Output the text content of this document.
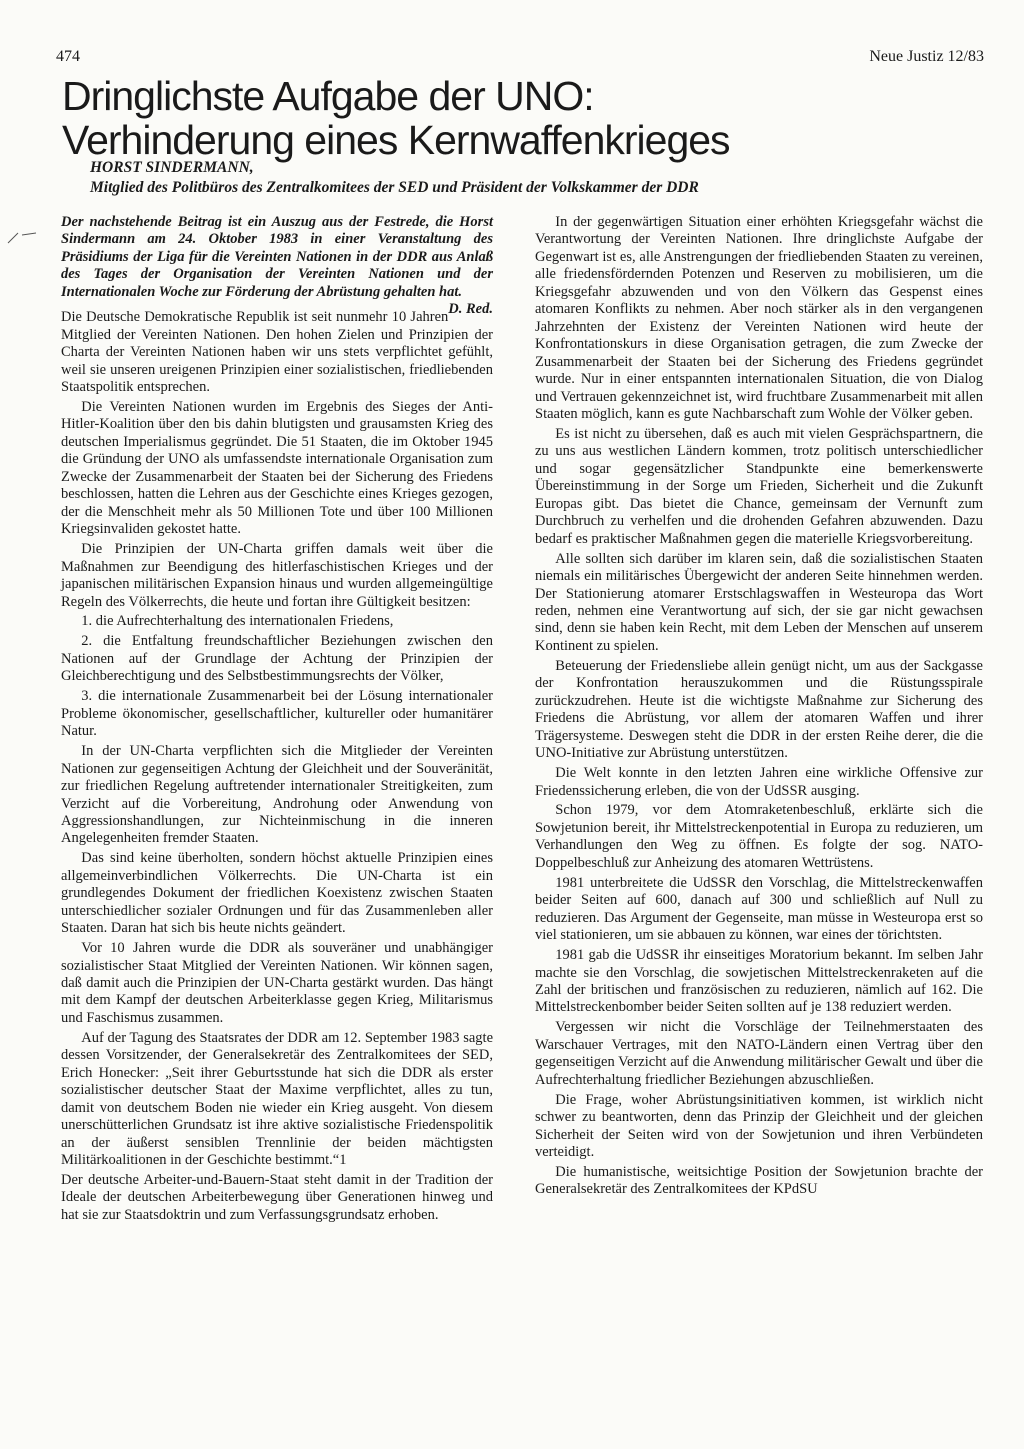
474	Neue Justiz 12/83
Dringlichste Aufgabe der UNO:
Verhinderung eines Kernwaffenkrieges
HORST SINDERMANN,
Mitglied des Politbüros des Zentralkomitees der SED und Präsident der Volkskammer der DDR

Der nachstehende Beitrag ist ein Auszug aus der Festrede, die Horst Sindermann am 24. Oktober 1983 in einer Veranstaltung des Präsidiums der Liga für die Vereinten Nationen in der DDR aus Anlaß des Tages der Organisation der Vereinten Nationen und der Internationalen Woche zur Förderung der Abrüstung gehalten hat.
D. Red.

Die Deutsche Demokratische Republik ist seit nunmehr 10 Jahren Mitglied der Vereinten Nationen. Den hohen Zielen und Prinzipien der Charta der Vereinten Nationen haben wir uns stets verpflichtet gefühlt, weil sie unseren ureigenen Prinzipien einer sozialistischen, friedliebenden Staatspolitik entsprechen.

Die Vereinten Nationen wurden im Ergebnis des Sieges der Anti-Hitler-Koalition über den bis dahin blutigsten und grausamsten Krieg des deutschen Imperialismus gegründet. Die 51 Staaten, die im Oktober 1945 die Gründung der UNO als umfassendste internationale Organisation zum Zwecke der Zusammenarbeit der Staaten bei der Sicherung des Friedens beschlossen, hatten die Lehren aus der Geschichte eines Krieges gezogen, der die Menschheit mehr als 50 Millionen Tote und über 100 Millionen Kriegsinvaliden gekostet hatte.

Die Prinzipien der UN-Charta griffen damals weit über die Maßnahmen zur Beendigung des hitlerfaschistischen Krieges und der japanischen militärischen Expansion hinaus und wurden allgemeingültige Regeln des Völkerrechts, die heute und fortan ihre Gültigkeit besitzen:

1. die Aufrechterhaltung des internationalen Friedens,

2. die Entfaltung freundschaftlicher Beziehungen zwischen den Nationen auf der Grundlage der Achtung der Prinzipien der Gleichberechtigung und des Selbstbestimmungsrechts der Völker,

3. die internationale Zusammenarbeit bei der Lösung internationaler Probleme ökonomischer, gesellschaftlicher, kultureller oder humanitärer Natur.

In der UN-Charta verpflichten sich die Mitglieder der Vereinten Nationen zur gegenseitigen Achtung der Gleichheit und der Souveränität, zur friedlichen Regelung auftretender internationaler Streitigkeiten, zum Verzicht auf die Vorbereitung, Androhung oder Anwendung von Aggressionshandlungen, zur Nichteinmischung in die inneren Angelegenheiten fremder Staaten.

Das sind keine überholten, sondern höchst aktuelle Prinzipien eines allgemeinverbindlichen Völkerrechts. Die UN-Charta ist ein grundlegendes Dokument der friedlichen Koexistenz zwischen Staaten unterschiedlicher sozialer Ordnungen und für das Zusammenleben aller Staaten. Daran hat sich bis heute nichts geändert.

Vor 10 Jahren wurde die DDR als souveräner und unabhängiger sozialistischer Staat Mitglied der Vereinten Nationen. Wir können sagen, daß damit auch die Prinzipien der UN-Charta gestärkt wurden. Das hängt mit dem Kampf der deutschen Arbeiterklasse gegen Krieg, Militarismus und Faschismus zusammen.

Auf der Tagung des Staatsrates der DDR am 12. September 1983 sagte dessen Vorsitzender, der Generalsekretär des Zentralkomitees der SED, Erich Honecker: „Seit ihrer Geburtsstunde hat sich die DDR als erster sozialistischer deutscher Staat der Maxime verpflichtet, alles zu tun, damit von deutschem Boden nie wieder ein Krieg ausgeht. Von diesem unerschütterlichen Grundsatz ist ihre aktive sozialistische Friedenspolitik an der äußerst sensiblen Trennlinie der beiden mächtigsten Militärkoalitionen in der Geschichte bestimmt.“1

Der deutsche Arbeiter-und-Bauern-Staat steht damit in der Tradition der Ideale der deutschen Arbeiterbewegung über Generationen hinweg und hat sie zur Staatsdoktrin und zum Verfassungsgrundsatz erhoben.

In der gegenwärtigen Situation einer erhöhten Kriegsgefahr wächst die Verantwortung der Vereinten Nationen. Ihre dringlichste Aufgabe der Gegenwart ist es, alle Anstrengungen der friedliebenden Staaten zu vereinen, alle friedensfördernden Potenzen und Reserven zu mobilisieren, um die Kriegsgefahr abzuwenden und von den Völkern das Gespenst eines atomaren Konflikts zu nehmen. Aber noch stärker als in den vergangenen Jahrzehnten der Existenz der Vereinten Nationen wird heute der Konfrontationskurs in diese Organisation getragen, die zum Zwecke der Zusammenarbeit der Staaten bei der Sicherung des Friedens gegründet wurde. Nur in einer entspannten internationalen Situation, die von Dialog und Vertrauen gekennzeichnet ist, wird fruchtbare Zusammenarbeit mit allen Staaten möglich, kann es gute Nachbarschaft zum Wohle der Völker geben.

Es ist nicht zu übersehen, daß es auch mit vielen Gesprächspartnern, die zu uns aus westlichen Ländern kommen, trotz politisch unterschiedlicher und sogar gegensätzlicher Standpunkte eine bemerkenswerte Übereinstimmung in der Sorge um Frieden, Sicherheit und die Zukunft Europas gibt. Das bietet die Chance, gemeinsam der Vernunft zum Durchbruch zu verhelfen und die drohenden Gefahren abzuwenden. Dazu bedarf es praktischer Maßnahmen gegen die materielle Kriegsvorbereitung.

Alle sollten sich darüber im klaren sein, daß die sozialistischen Staaten niemals ein militärisches Übergewicht der anderen Seite hinnehmen werden. Der Stationierung atomarer Erstschlagswaffen in Westeuropa das Wort reden, nehmen eine Verantwortung auf sich, der sie gar nicht gewachsen sind, denn sie haben kein Recht, mit dem Leben der Menschen auf unserem Kontinent zu spielen.

Beteuerung der Friedensliebe allein genügt nicht, um aus der Sackgasse der Konfrontation herauszukommen und die Rüstungsspirale zurückzudrehen. Heute ist die wichtigste Maßnahme zur Sicherung des Friedens die Abrüstung, vor allem der atomaren Waffen und ihrer Trägersysteme. Deswegen steht die DDR in der ersten Reihe derer, die die UNO-Initiative zur Abrüstung unterstützen.

Die Welt konnte in den letzten Jahren eine wirkliche Offensive zur Friedenssicherung erleben, die von der UdSSR ausging.

Schon 1979, vor dem Atomraketenbeschluß, erklärte sich die Sowjetunion bereit, ihr Mittelstreckenpotential in Europa zu reduzieren, um Verhandlungen den Weg zu öffnen. Es folgte der sog. NATO-Doppelbeschluß zur Anheizung des atomaren Wettrüstens.

1981 unterbreitete die UdSSR den Vorschlag, die Mittelstreckenwaffen beider Seiten auf 600, danach auf 300 und schließlich auf Null zu reduzieren. Das Argument der Gegenseite, man müsse in Westeuropa erst so viel stationieren, um sie abbauen zu können, war eines der törichtsten.

1981 gab die UdSSR ihr einseitiges Moratorium bekannt. Im selben Jahr machte sie den Vorschlag, die sowjetischen Mittelstreckenraketen auf die Zahl der britischen und französischen zu reduzieren, nämlich auf 162. Die Mittelstreckenbomber beider Seiten sollten auf je 138 reduziert werden.

Vergessen wir nicht die Vorschläge der Teilnehmerstaaten des Warschauer Vertrages, mit den NATO-Ländern einen Vertrag über den gegenseitigen Verzicht auf die Anwendung militärischer Gewalt und über die Aufrechterhaltung friedlicher Beziehungen abzuschließen.

Die Frage, woher Abrüstungsinitiativen kommen, ist wirklich nicht schwer zu beantworten, denn das Prinzip der Gleichheit und der gleichen Sicherheit der Seiten wird von der Sowjetunion und ihren Verbündeten verteidigt.

Die humanistische, weitsichtige Position der Sowjetunion brachte der Generalsekretär des Zentralkomitees der KPdSU
